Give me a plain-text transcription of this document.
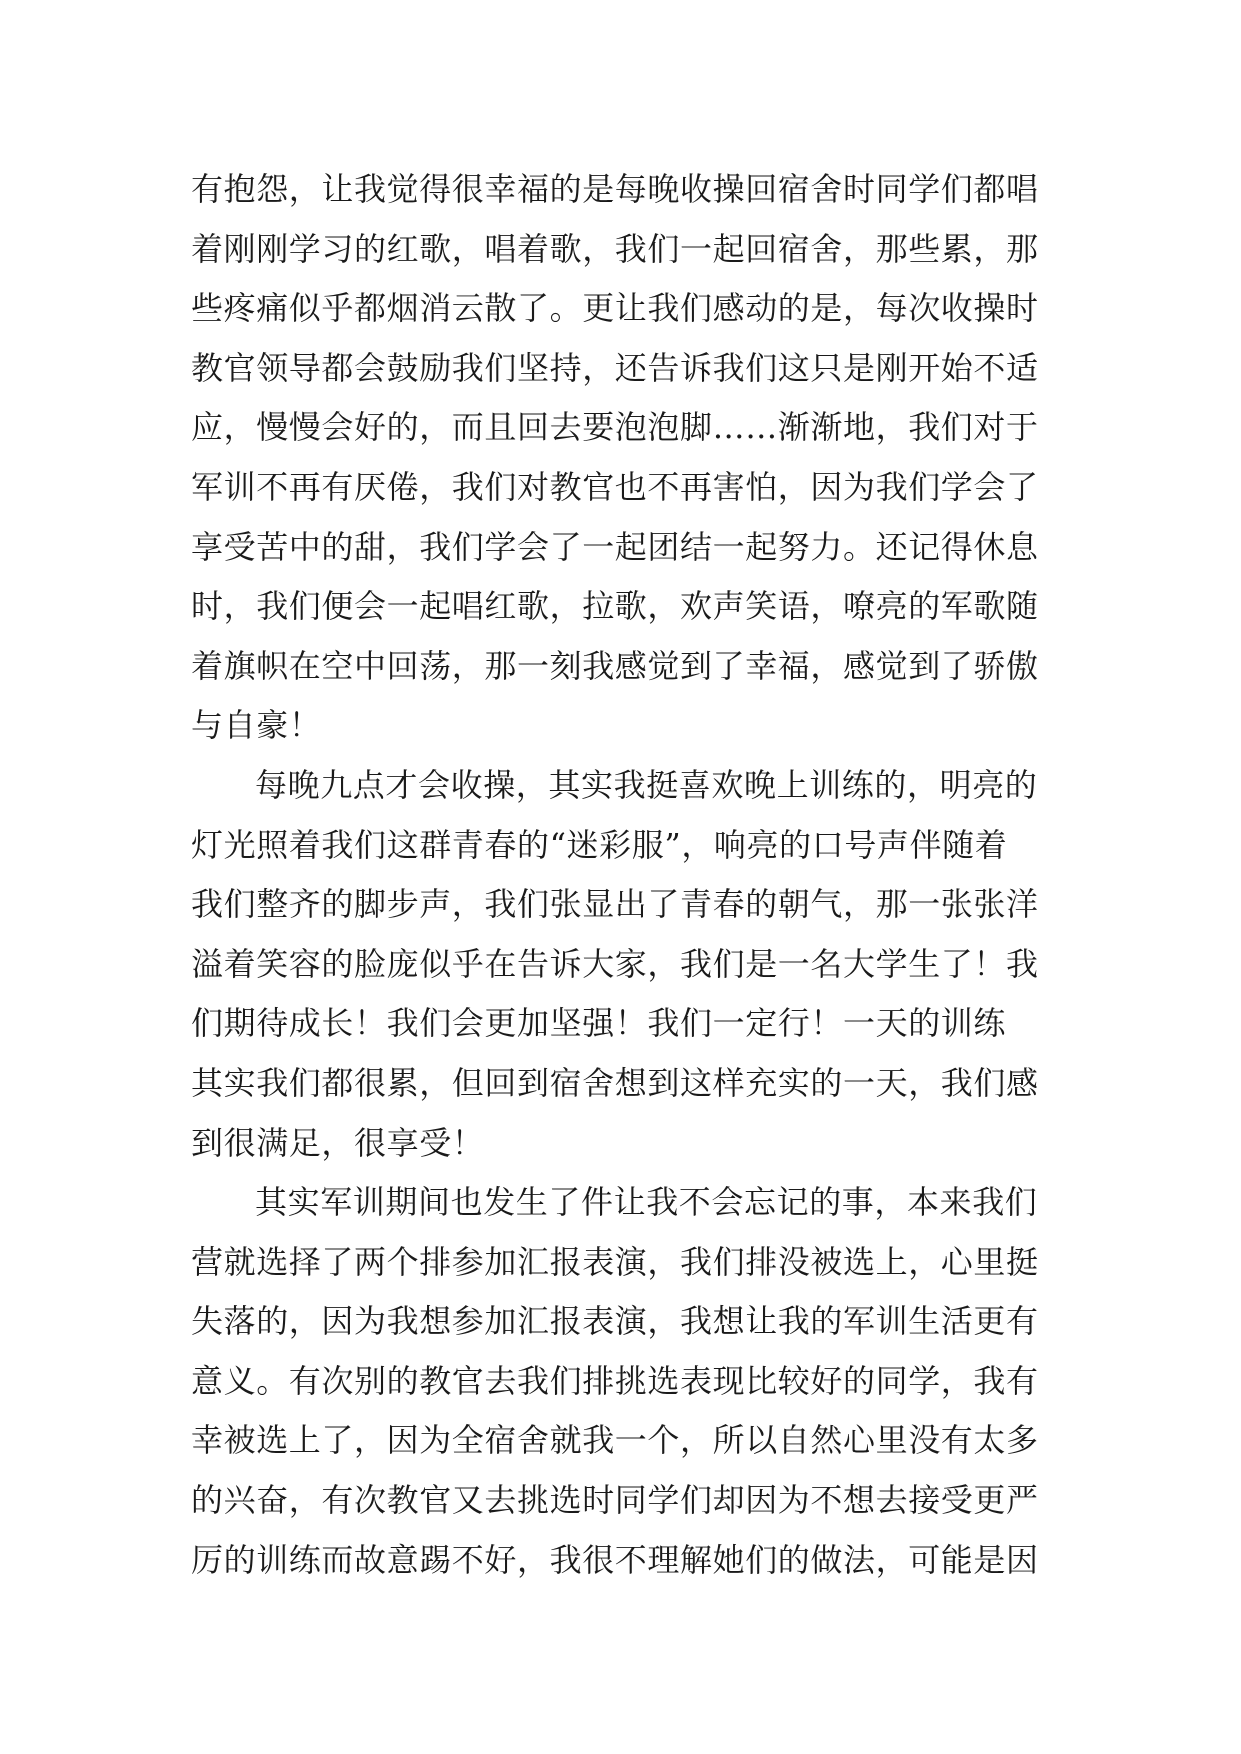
有抱怨，让我觉得很幸福的是每晚收操回宿舍时同学们都唱
着刚刚学习的红歌，唱着歌，我们一起回宿舍，那些累，那
些疼痛似乎都烟消云散了。更让我们感动的是，每次收操时
教官领导都会鼓励我们坚持，还告诉我们这只是刚开始不适
应，慢慢会好的，而且回去要泡泡脚……渐渐地，我们对于
军训不再有厌倦，我们对教官也不再害怕，因为我们学会了
享受苦中的甜，我们学会了一起团结一起努力。还记得休息
时，我们便会一起唱红歌，拉歌，欢声笑语，嘹亮的军歌随
着旗帜在空中回荡，那一刻我感觉到了幸福，感觉到了骄傲
与自豪！
每晚九点才会收操，其实我挺喜欢晚上训练的，明亮的
灯光照着我们这群青春的“迷彩服”，响亮的口号声伴随着
我们整齐的脚步声，我们张显出了青春的朝气，那一张张洋
溢着笑容的脸庞似乎在告诉大家，我们是一名大学生了！我
们期待成长！我们会更加坚强！我们一定行！一天的训练
其实我们都很累，但回到宿舍想到这样充实的一天，我们感
到很满足，很享受！
其实军训期间也发生了件让我不会忘记的事，本来我们
营就选择了两个排参加汇报表演，我们排没被选上，心里挺
失落的，因为我想参加汇报表演，我想让我的军训生活更有
意义。有次别的教官去我们排挑选表现比较好的同学，我有
幸被选上了，因为全宿舍就我一个，所以自然心里没有太多
的兴奋，有次教官又去挑选时同学们却因为不想去接受更严
厉的训练而故意踢不好，我很不理解她们的做法，可能是因
